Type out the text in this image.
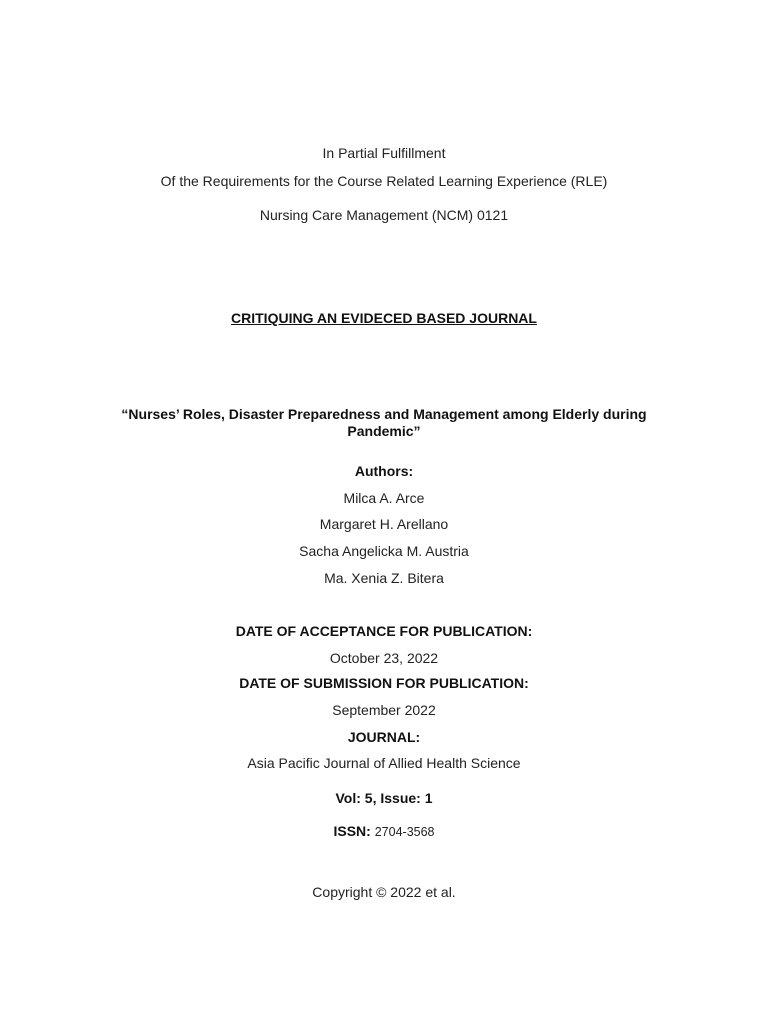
In Partial Fulfillment
Of the Requirements for the Course Related Learning Experience (RLE)
Nursing Care Management (NCM) 0121
CRITIQUING AN EVIDECED BASED JOURNAL
“Nurses’ Roles, Disaster Preparedness and Management among Elderly during Pandemic”
Authors:
Milca A. Arce
Margaret H. Arellano
Sacha Angelicka M. Austria
Ma. Xenia Z. Bitera
DATE OF ACCEPTANCE FOR PUBLICATION:
October 23, 2022
DATE OF SUBMISSION FOR PUBLICATION:
September 2022
JOURNAL:
Asia Pacific Journal of Allied Health Science
Vol: 5, Issue: 1
ISSN: 2704-3568
Copyright © 2022 et al.
